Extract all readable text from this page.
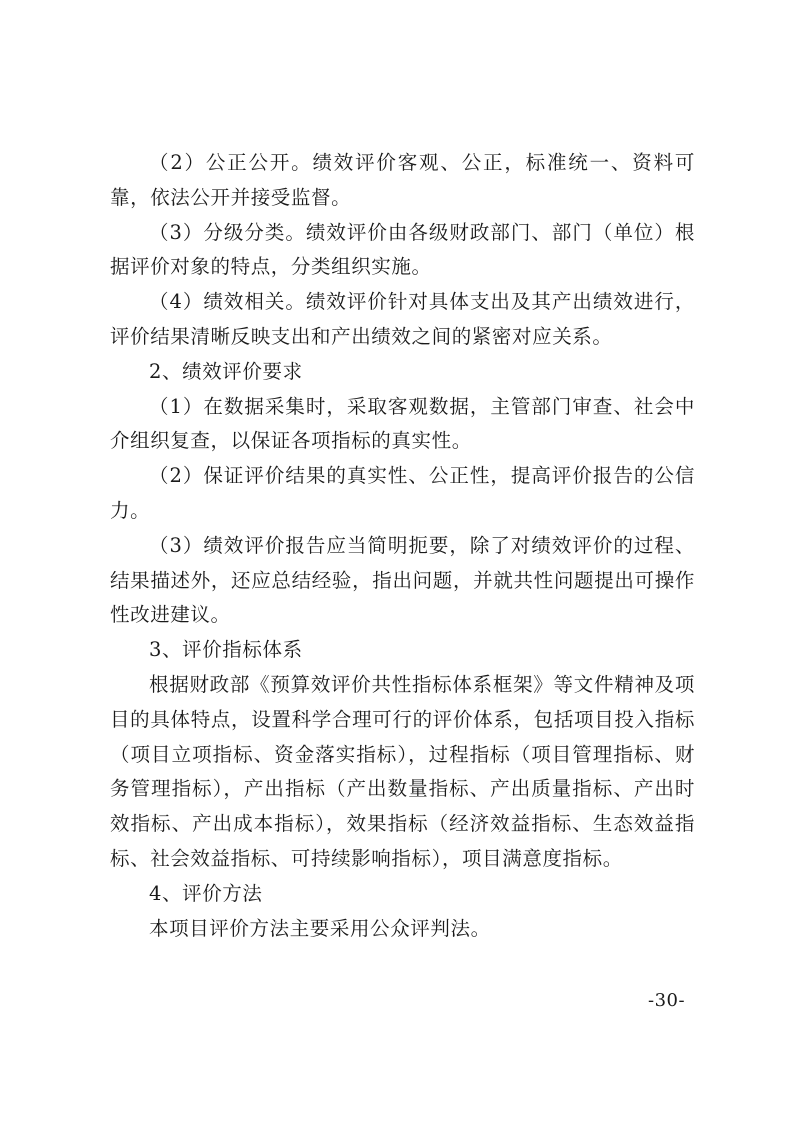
（2）公正公开。绩效评价客观、公正，标准统一、资料可靠，依法公开并接受监督。

（3）分级分类。绩效评价由各级财政部门、部门（单位）根据评价对象的特点，分类组织实施。

（4）绩效相关。绩效评价针对具体支出及其产出绩效进行，评价结果清晰反映支出和产出绩效之间的紧密对应关系。

2、绩效评价要求

（1）在数据采集时，采取客观数据，主管部门审查、社会中介组织复查，以保证各项指标的真实性。

（2）保证评价结果的真实性、公正性，提高评价报告的公信力。

（3）绩效评价报告应当简明扼要，除了对绩效评价的过程、结果描述外，还应总结经验，指出问题，并就共性问题提出可操作性改进建议。

3、评价指标体系

根据财政部《预算效评价共性指标体系框架》等文件精神及项目的具体特点，设置科学合理可行的评价体系，包括项目投入指标（项目立项指标、资金落实指标），过程指标（项目管理指标、财务管理指标），产出指标（产出数量指标、产出质量指标、产出时效指标、产出成本指标），效果指标（经济效益指标、生态效益指标、社会效益指标、可持续影响指标），项目满意度指标。

4、评价方法

本项目评价方法主要采用公众评判法。

-30-
